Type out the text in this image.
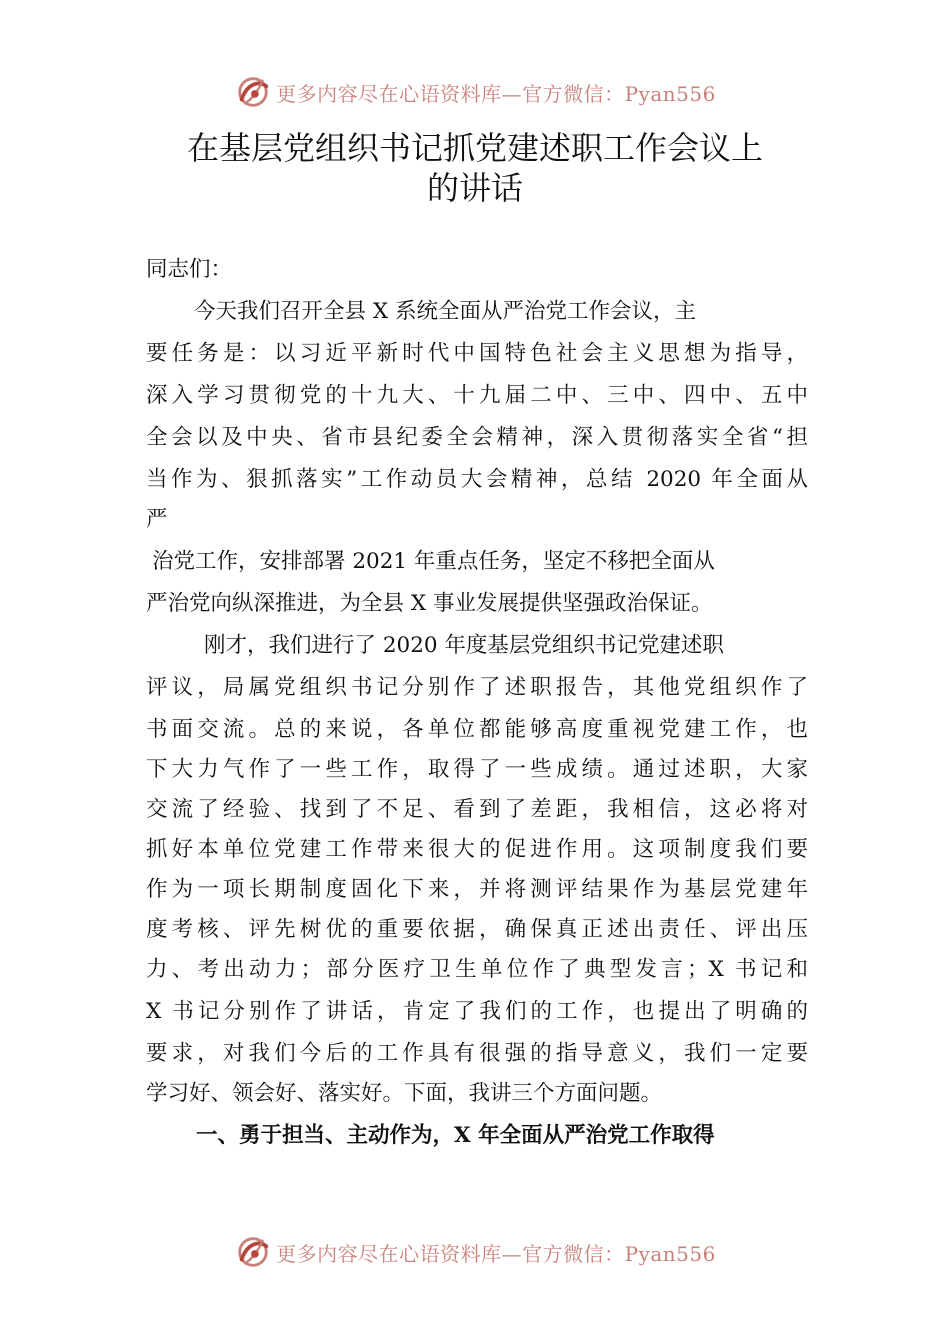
更多内容尽在心语资料库—官方微信：Pyan556
在基层党组织书记抓党建述职工作会议上
的讲话
同志们：
今天我们召开全县 X 系统全面从严治党工作会议，主
要任务是：以习近平新时代中国特色社会主义思想为指导，
深入学习贯彻党的十九大、十九届二中、三中、四中、五中
全会以及中央、省市县纪委全会精神，深入贯彻落实全省“担
当作为、狠抓落实”工作动员大会精神，总结 2020 年全面从
严
治党工作，安排部署 2021 年重点任务，坚定不移把全面从
严治党向纵深推进，为全县 X 事业发展提供坚强政治保证。
刚才，我们进行了 2020 年度基层党组织书记党建述职
评议，局属党组织书记分别作了述职报告，其他党组织作了
书面交流。总的来说，各单位都能够高度重视党建工作，也
下大力气作了一些工作，取得了一些成绩。通过述职，大家
交流了经验、找到了不足、看到了差距，我相信，这必将对
抓好本单位党建工作带来很大的促进作用。这项制度我们要
作为一项长期制度固化下来，并将测评结果作为基层党建年
度考核、评先树优的重要依据，确保真正述出责任、评出压
力、考出动力；部分医疗卫生单位作了典型发言；X 书记和
X 书记分别作了讲话，肯定了我们的工作，也提出了明确的
要求，对我们今后的工作具有很强的指导意义，我们一定要
学习好、领会好、落实好。下面，我讲三个方面问题。
一、勇于担当、主动作为，X 年全面从严治党工作取得
更多内容尽在心语资料库—官方微信：Pyan556
